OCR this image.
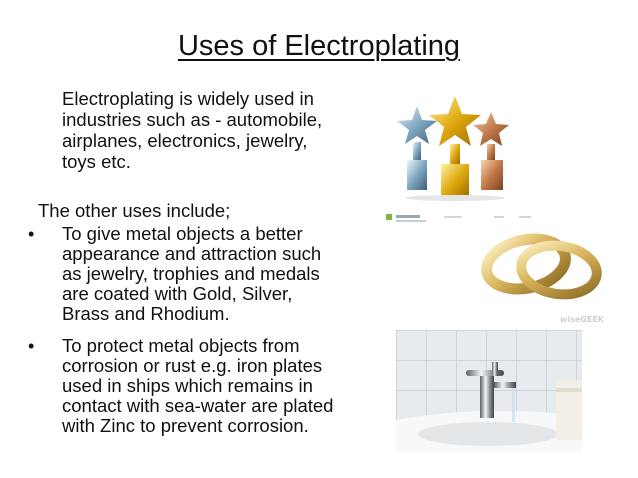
Uses of Electroplating
Electroplating is widely used in
industries such as - automobile,
airplanes, electronics, jewelry,
toys etc.
The other uses include;
•	To give metal objects a better
appearance and attraction such
as jewelry, trophies and medals
are coated with Gold, Silver,
Brass and Rhodium.
•	To protect metal objects from
corrosion or rust e.g. iron plates
used in ships which remains in
contact with sea-water are plated
with Zinc to prevent corrosion.
wiseGEEK
